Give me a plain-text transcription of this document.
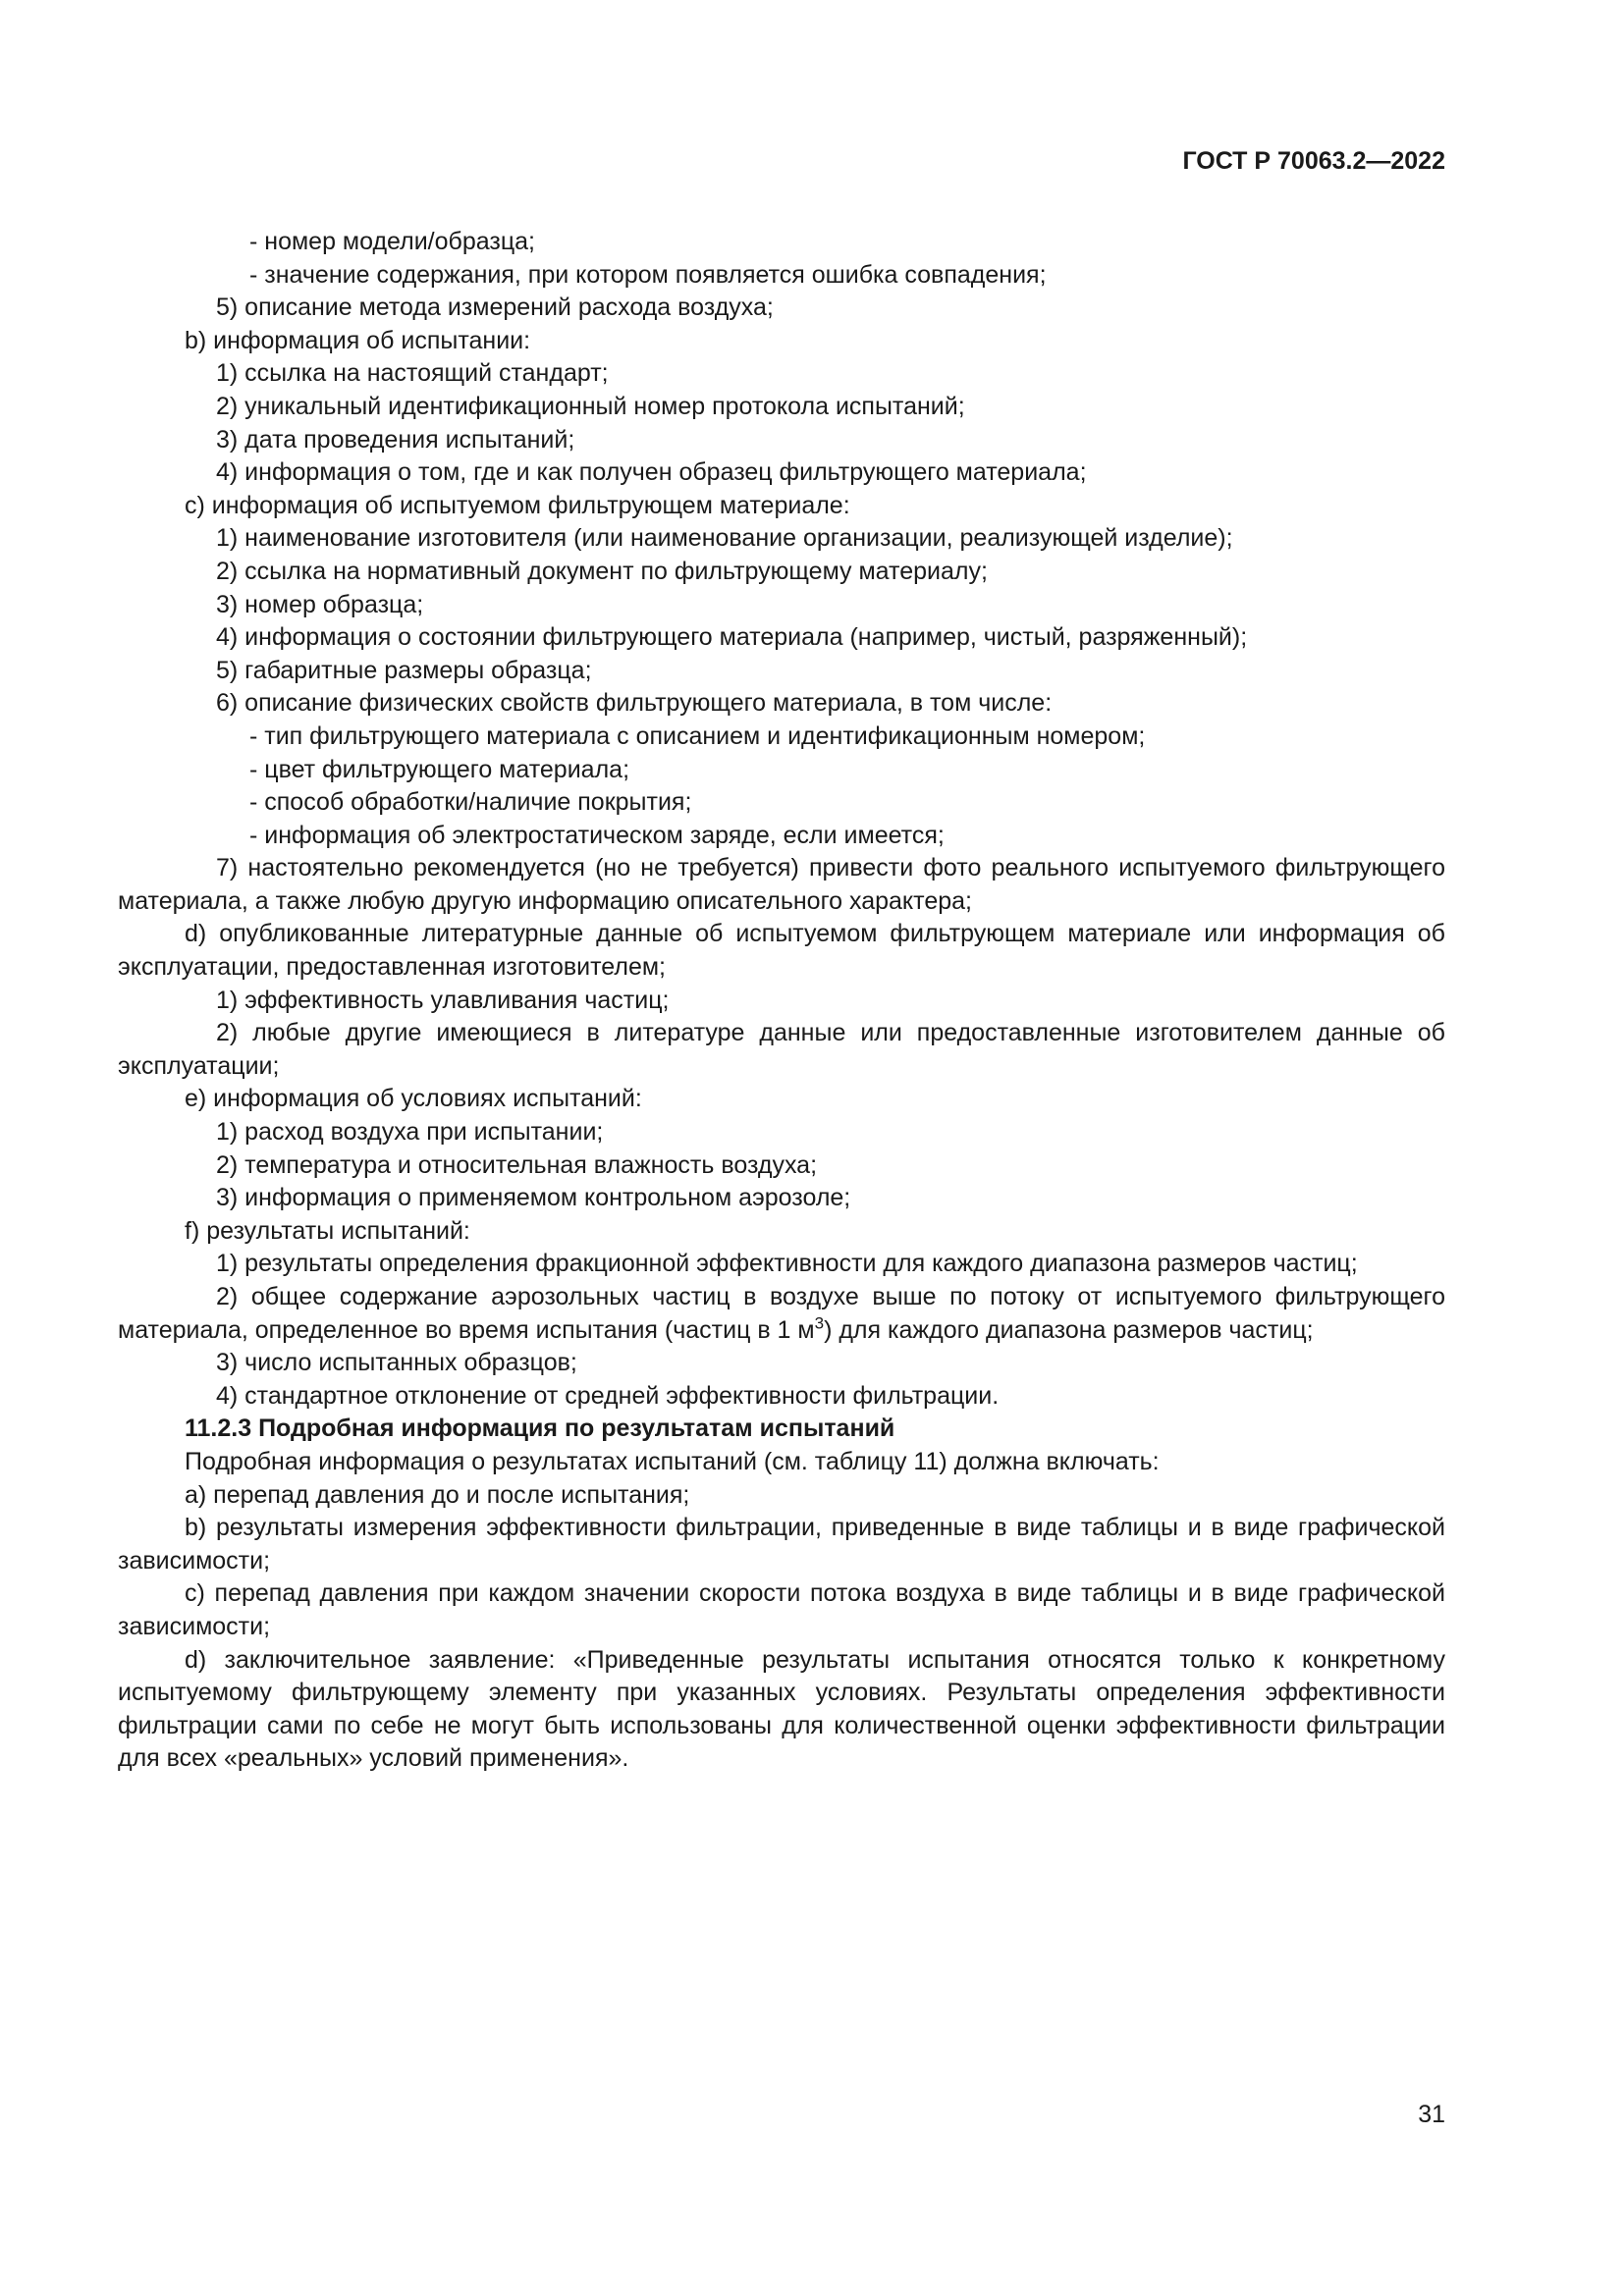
ГОСТ Р 70063.2—2022

- номер модели/образца;

- значение содержания, при котором появляется ошибка совпадения;

5) описание метода измерений расхода воздуха;

b) информация об испытании:

1) ссылка на настоящий стандарт;

2) уникальный идентификационный номер протокола испытаний;

3) дата проведения испытаний;

4) информация о том, где и как получен образец фильтрующего материала;

c) информация об испытуемом фильтрующем материале:

1) наименование изготовителя (или наименование организации, реализующей изделие);

2) ссылка на нормативный документ по фильтрующему материалу;

3) номер образца;

4) информация о состоянии фильтрующего материала (например, чистый, разряженный);

5) габаритные размеры образца;

6) описание физических свойств фильтрующего материала, в том числе:

- тип фильтрующего материала с описанием и идентификационным номером;

- цвет фильтрующего материала;

- способ обработки/наличие покрытия;

- информация об электростатическом заряде, если имеется;

7) настоятельно рекомендуется (но не требуется) привести фото реального испытуемого фильтрующего материала, а также любую другую информацию описательного характера;

d) опубликованные литературные данные об испытуемом фильтрующем материале или информация об эксплуатации, предоставленная изготовителем;

1) эффективность улавливания частиц;

2) любые другие имеющиеся в литературе данные или предоставленные изготовителем данные об эксплуатации;

e) информация об условиях испытаний:

1) расход воздуха при испытании;

2) температура и относительная влажность воздуха;

3) информация о применяемом контрольном аэрозоле;

f) результаты испытаний:

1) результаты определения фракционной эффективности для каждого диапазона размеров частиц;

2) общее содержание аэрозольных частиц в воздухе выше по потоку от испытуемого фильтрующего материала, определенное во время испытания (частиц в 1 $м^3$) для каждого диапазона размеров частиц;

3) число испытанных образцов;

4) стандартное отклонение от средней эффективности фильтрации.

11.2.3 Подробная информация по результатам испытаний

Подробная информация о результатах испытаний (см. таблицу 11) должна включать:

a) перепад давления до и после испытания;

b) результаты измерения эффективности фильтрации, приведенные в виде таблицы и в виде графической зависимости;

c) перепад давления при каждом значении скорости потока воздуха в виде таблицы и в виде графической зависимости;

d) заключительное заявление: «Приведенные результаты испытания относятся только к конкретному испытуемому фильтрующему элементу при указанных условиях. Результаты определения эффективности фильтрации сами по себе не могут быть использованы для количественной оценки эффективности фильтрации для всех «реальных» условий применения».

31
